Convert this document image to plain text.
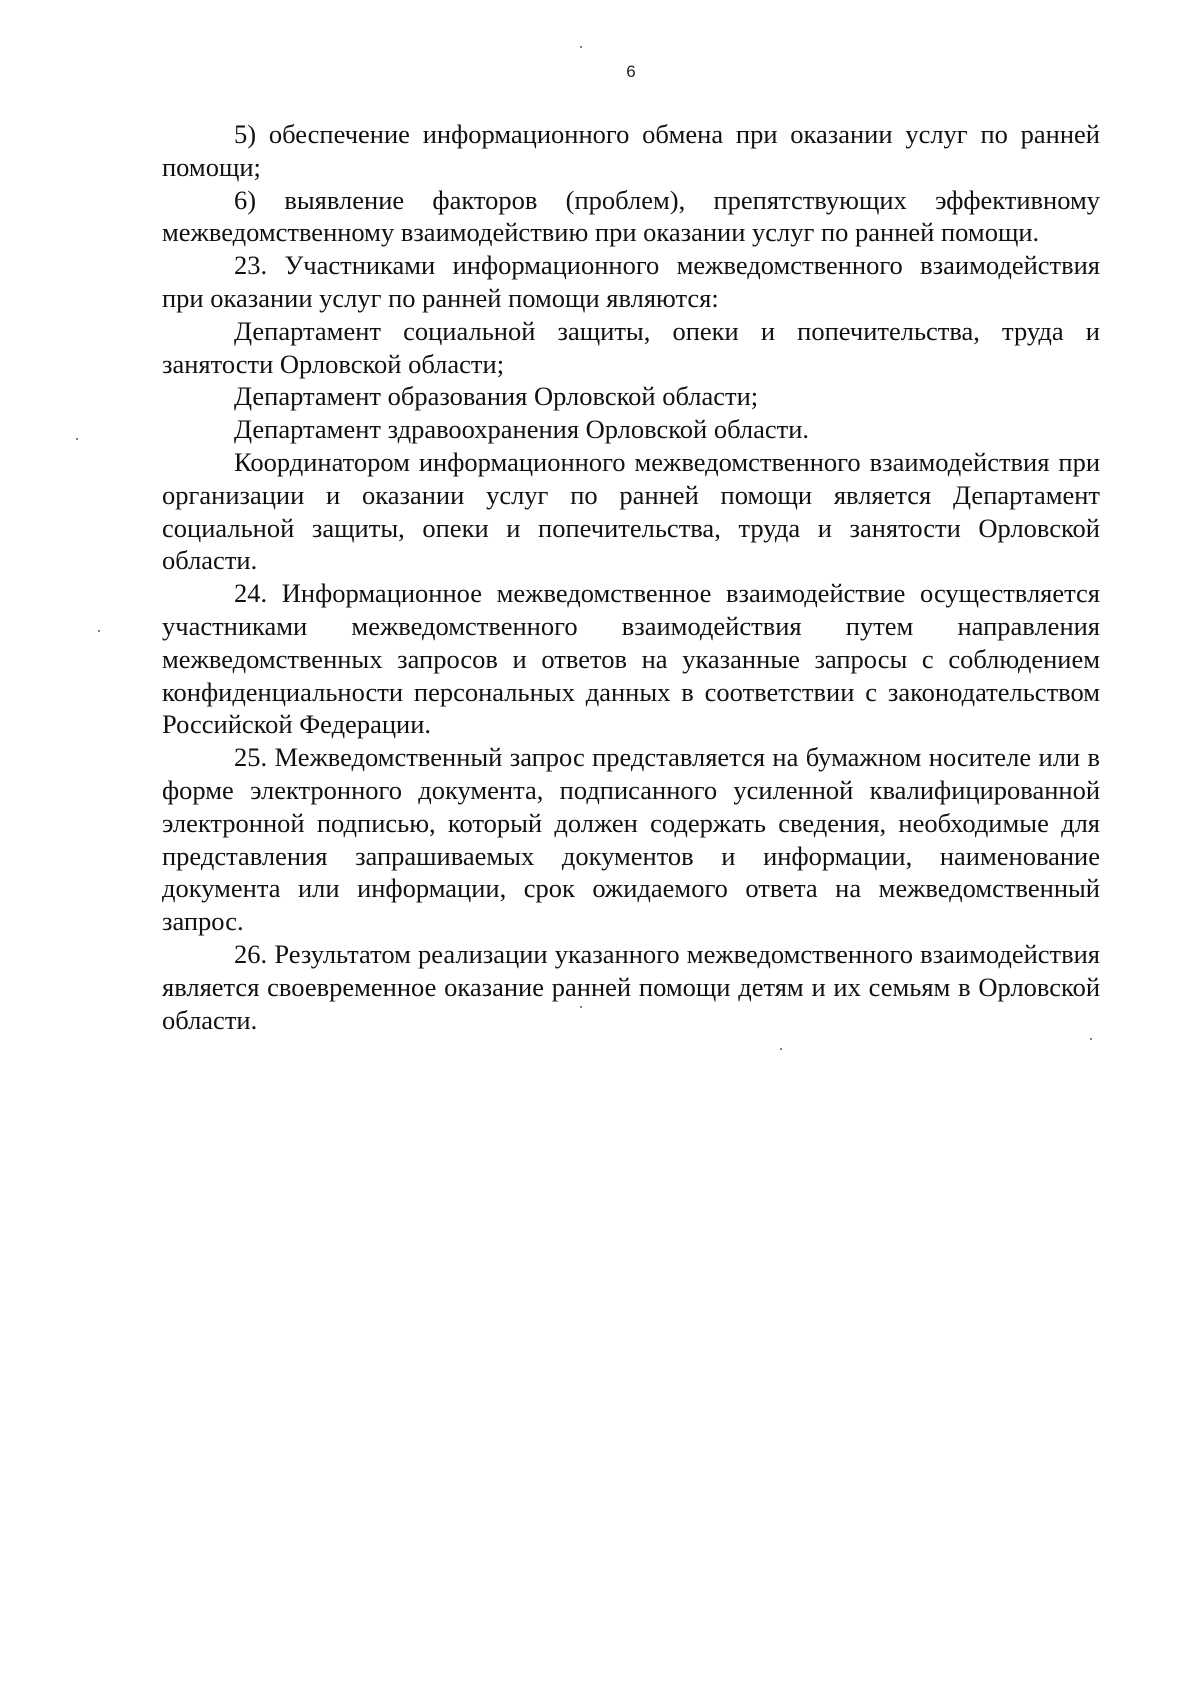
6

5) обеспечение информационного обмена при оказании услуг по ранней помощи;

6) выявление факторов (проблем), препятствующих эффективному межведомственному взаимодействию при оказании услуг по ранней помощи.

23. Участниками информационного межведомственного взаимодействия при оказании услуг по ранней помощи являются:

Департамент социальной защиты, опеки и попечительства, труда и занятости Орловской области;

Департамент образования Орловской области;

Департамент здравоохранения Орловской области.

Координатором информационного межведомственного взаимодействия при организации и оказании услуг по ранней помощи является Департамент социальной защиты, опеки и попечительства, труда и занятости Орловской области.

24. Информационное межведомственное взаимодействие осуществляется участниками межведомственного взаимодействия путем направления межведомственных запросов и ответов на указанные запросы с соблюдением конфиденциальности персональных данных в соответствии с законодательством Российской Федерации.

25. Межведомственный запрос представляется на бумажном носителе или в форме электронного документа, подписанного усиленной квалифицированной электронной подписью, который должен содержать сведения, необходимые для представления запрашиваемых документов и информации, наименование документа или информации, срок ожидаемого ответа на межведомственный запрос.

26. Результатом реализации указанного межведомственного взаимодействия является своевременное оказание ранней помощи детям и их семьям в Орловской области.
